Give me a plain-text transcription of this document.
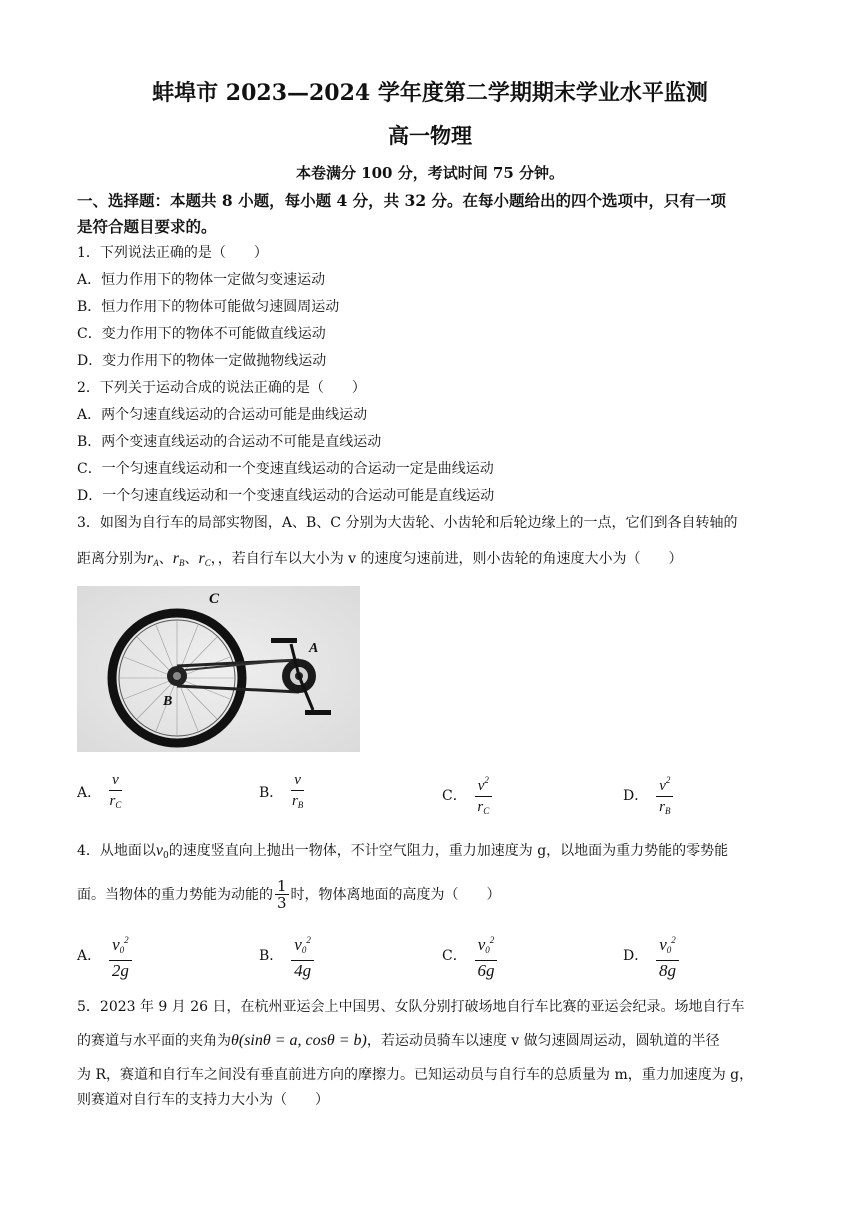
蚌埠市 2023—2024 学年度第二学期期末学业水平监测
高一物理
本卷满分 100 分，考试时间 75 分钟。
一、选择题：本题共 8 小题，每小题 4 分，共 32 分。在每小题给出的四个选项中，只有一项
是符合题目要求的。
1．下列说法正确的是（　　）
A．恒力作用下的物体一定做匀变速运动
B．恒力作用下的物体可能做匀速圆周运动
C．变力作用下的物体不可能做直线运动
D．变力作用下的物体一定做抛物线运动
2．下列关于运动合成的说法正确的是（　　）
A．两个匀速直线运动的合运动可能是曲线运动
B．两个变速直线运动的合运动不可能是直线运动
C．一个匀速直线运动和一个变速直线运动的合运动一定是曲线运动
D．一个匀速直线运动和一个变速直线运动的合运动可能是直线运动
3．如图为自行车的局部实物图，A、B、C 分别为大齿轮、小齿轮和后轮边缘上的一点，它们到各自转轴的
距离分别为$r_A$、$r_B$、$r_C$，，若自行车以大小为 v 的速度匀速前进，则小齿轮的角速度大小为（　　）
C
A
B
A． $\frac{v}{r_C}$	B． $\frac{v}{r_B}$	C． $\frac{v^2}{r_C}$	D． $\frac{v^2}{r_B}$
4．从地面以$v_0$的速度竖直向上抛出一物体，不计空气阻力，重力加速度为 g，以地面为重力势能的零势能
面。当物体的重力势能为动能的 $\frac{1}{3}$ 时，物体离地面的高度为（　　）
A． $\frac{v_0^2}{2g}$	B． $\frac{v_0^2}{4g}$	C． $\frac{v_0^2}{6g}$	D． $\frac{v_0^2}{8g}$
5．2023 年 9 月 26 日，在杭州亚运会上中国男、女队分别打破场地自行车比赛的亚运会纪录。场地自行车
的赛道与水平面的夹角为θ(sinθ = a, cosθ = b)，若运动员骑车以速度 v 做匀速圆周运动，圆轨道的半径
为 R，赛道和自行车之间没有垂直前进方向的摩擦力。已知运动员与自行车的总质量为 m，重力加速度为 g，
则赛道对自行车的支持力大小为（　　）
